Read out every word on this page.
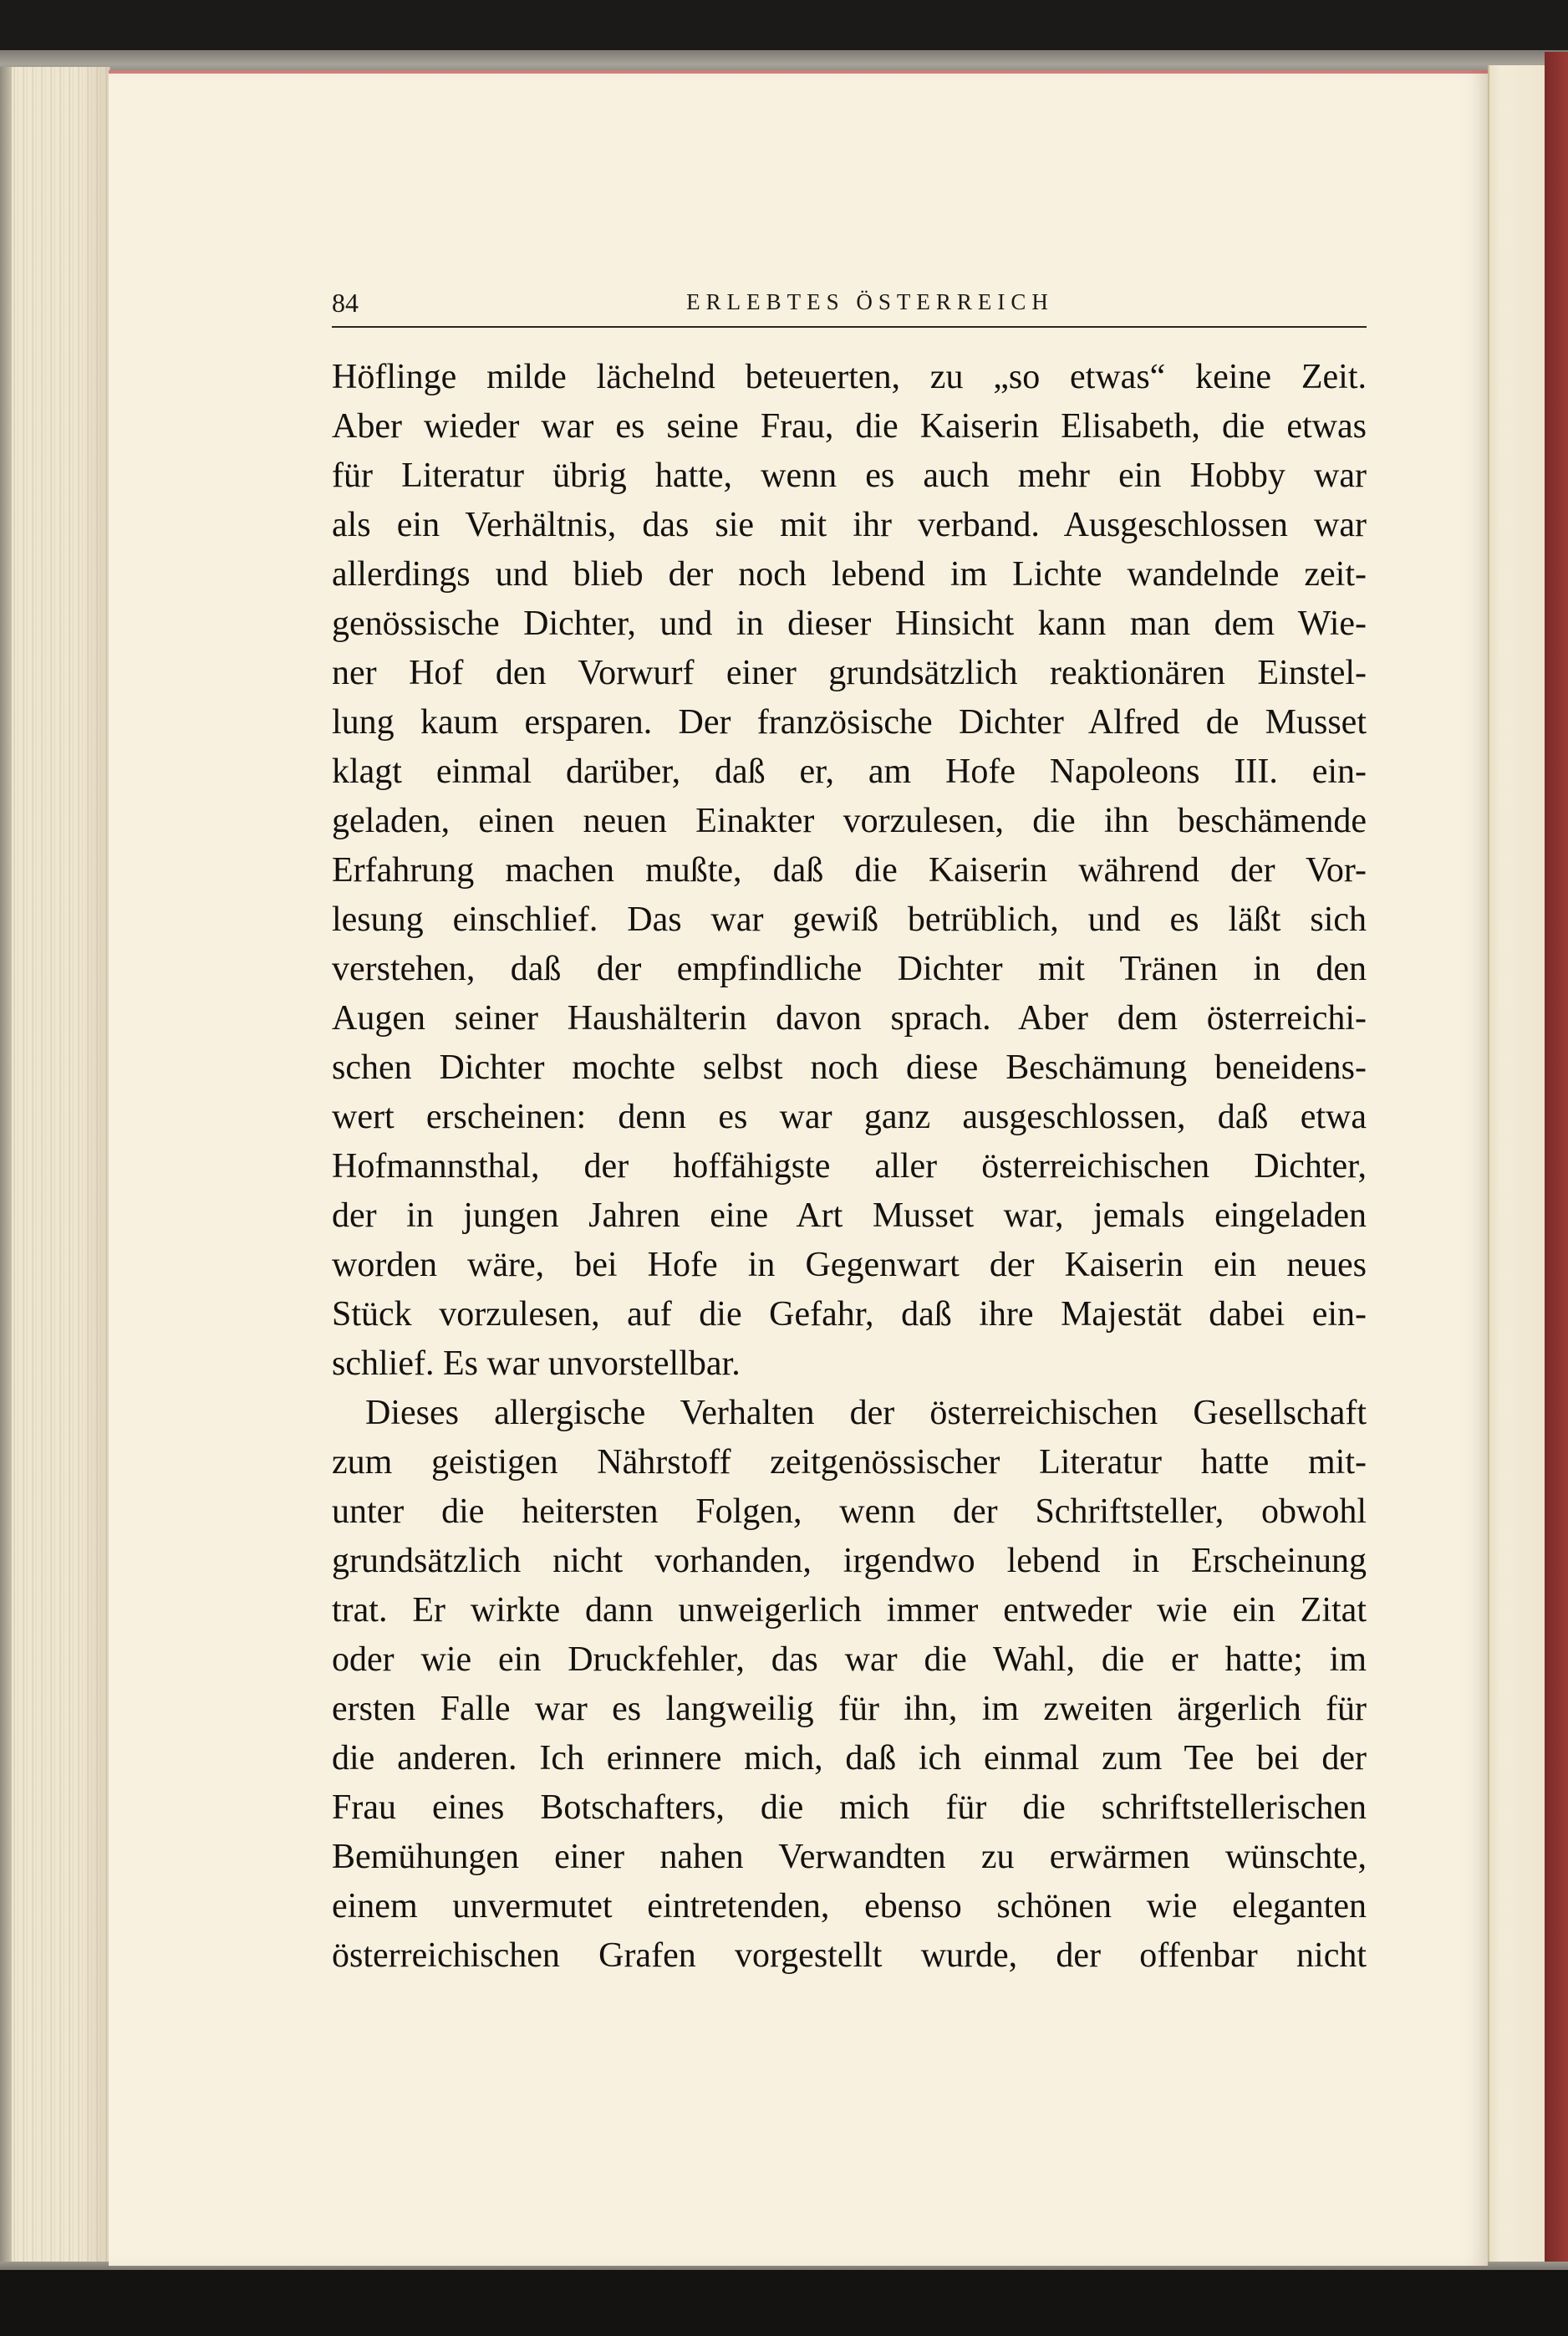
84	ERLEBTES ÖSTERREICH
Höflinge milde lächelnd beteuerten, zu „so etwas“ keine Zeit.
Aber wieder war es seine Frau, die Kaiserin Elisabeth, die etwas
für Literatur übrig hatte, wenn es auch mehr ein Hobby war
als ein Verhältnis, das sie mit ihr verband. Ausgeschlossen war
allerdings und blieb der noch lebend im Lichte wandelnde zeit-
genössische Dichter, und in dieser Hinsicht kann man dem Wie-
ner Hof den Vorwurf einer grundsätzlich reaktionären Einstel-
lung kaum ersparen. Der französische Dichter Alfred de Musset
klagt einmal darüber, daß er, am Hofe Napoleons III. ein-
geladen, einen neuen Einakter vorzulesen, die ihn beschämende
Erfahrung machen mußte, daß die Kaiserin während der Vor-
lesung einschlief. Das war gewiß betrüblich, und es läßt sich
verstehen, daß der empfindliche Dichter mit Tränen in den
Augen seiner Haushälterin davon sprach. Aber dem österreichi-
schen Dichter mochte selbst noch diese Beschämung beneidens-
wert erscheinen: denn es war ganz ausgeschlossen, daß etwa
Hofmannsthal, der hoffähigste aller österreichischen Dichter,
der in jungen Jahren eine Art Musset war, jemals eingeladen
worden wäre, bei Hofe in Gegenwart der Kaiserin ein neues
Stück vorzulesen, auf die Gefahr, daß ihre Majestät dabei ein-
schlief. Es war unvorstellbar.
Dieses allergische Verhalten der österreichischen Gesellschaft
zum geistigen Nährstoff zeitgenössischer Literatur hatte mit-
unter die heitersten Folgen, wenn der Schriftsteller, obwohl
grundsätzlich nicht vorhanden, irgendwo lebend in Erscheinung
trat. Er wirkte dann unweigerlich immer entweder wie ein Zitat
oder wie ein Druckfehler, das war die Wahl, die er hatte; im
ersten Falle war es langweilig für ihn, im zweiten ärgerlich für
die anderen. Ich erinnere mich, daß ich einmal zum Tee bei der
Frau eines Botschafters, die mich für die schriftstellerischen
Bemühungen einer nahen Verwandten zu erwärmen wünschte,
einem unvermutet eintretenden, ebenso schönen wie eleganten
österreichischen Grafen vorgestellt wurde, der offenbar nicht
